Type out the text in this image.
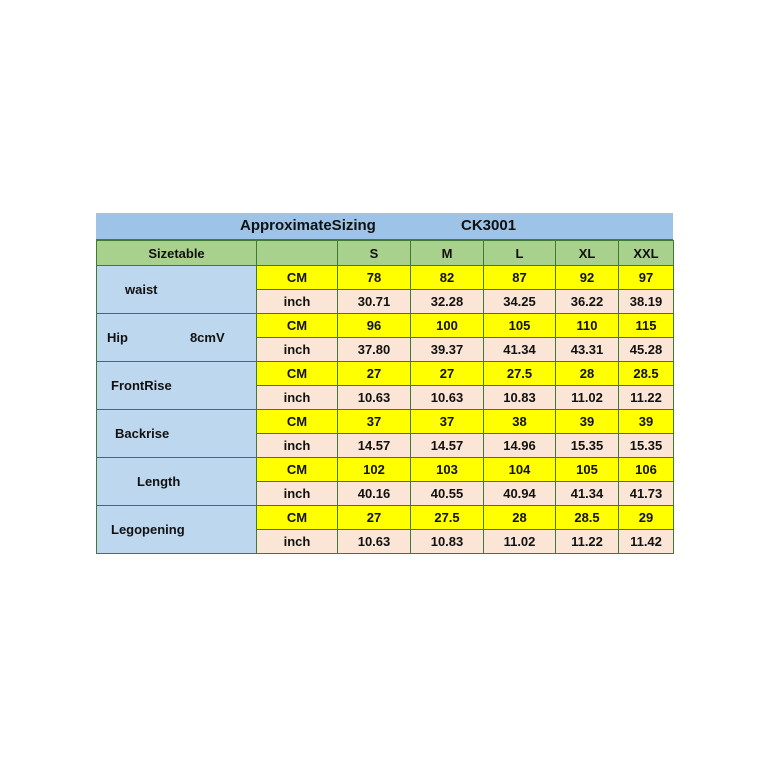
ApproximateSizing	CK3001
Sizetable		S	M	L	XL	XXL
waist	CM	78	82	87	92	97
	inch	30.71	32.28	34.25	36.22	38.19
Hip 8cmV	CM	96	100	105	110	115
	inch	37.80	39.37	41.34	43.31	45.28
FrontRise	CM	27	27	27.5	28	28.5
	inch	10.63	10.63	10.83	11.02	11.22
Backrise	CM	37	37	38	39	39
	inch	14.57	14.57	14.96	15.35	15.35
Length	CM	102	103	104	105	106
	inch	40.16	40.55	40.94	41.34	41.73
Legopening	CM	27	27.5	28	28.5	29
	inch	10.63	10.83	11.02	11.22	11.42
